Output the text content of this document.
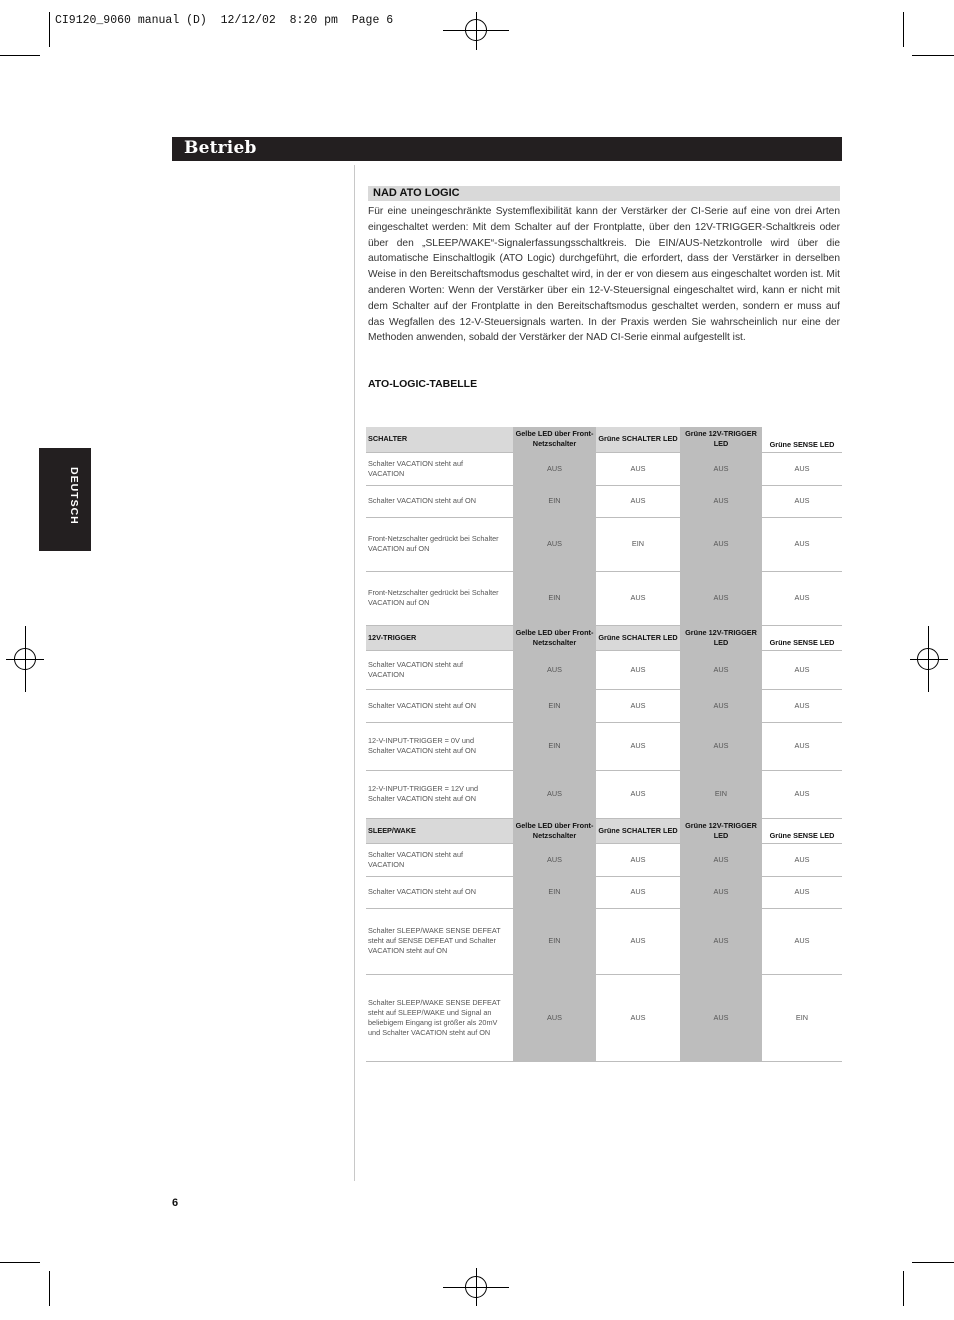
CI9120_9060 manual (D)  12/12/02  8:20 pm  Page 6
Betrieb
DEUTSCH
NAD ATO LOGIC
Für eine uneingeschränkte Systemflexibilität kann der Verstärker der CI-Serie auf eine von drei Arten eingeschaltet werden: Mit dem Schalter auf der Frontplatte, über den 12V-TRIGGER-Schaltkreis oder über den „SLEEP/WAKE“-Signalerfassungsschaltkreis. Die EIN/AUS-Netzkontrolle wird über die automatische Einschaltlogik (ATO Logic) durchgeführt, die erfordert, dass der Verstärker in derselben Weise in den Bereitschaftsmodus geschaltet wird, in der er von diesem aus eingeschaltet worden ist. Mit anderen Worten: Wenn der Verstärker über ein 12-V-Steuersignal eingeschaltet wird, kann er nicht mit dem Schalter auf der Frontplatte in den Bereitschaftsmodus geschaltet werden, sondern er muss auf das Wegfallen des 12-V-Steuersignals warten. In der Praxis werden Sie wahrscheinlich nur eine der Methoden anwenden, sobald der Verstärker der NAD CI-Serie einmal aufgestellt ist.
ATO-LOGIC-TABELLE
SCHALTER	Gelbe LED über Front-Netzschalter	Grüne SCHALTER LED	Grüne 12V-TRIGGER LED	Grüne SENSE LED
Schalter VACATION steht auf VACATION	AUS	AUS	AUS	AUS
Schalter VACATION steht auf ON	EIN	AUS	AUS	AUS
Front-Netzschalter gedrückt bei Schalter VACATION auf ON	AUS	EIN	AUS	AUS
Front-Netzschalter gedrückt bei Schalter VACATION auf ON	EIN	AUS	AUS	AUS
12V-TRIGGER	Gelbe LED über Front-Netzschalter	Grüne SCHALTER LED	Grüne 12V-TRIGGER LED	Grüne SENSE LED
Schalter VACATION steht auf VACATION	AUS	AUS	AUS	AUS
Schalter VACATION steht auf ON	EIN	AUS	AUS	AUS
12-V-INPUT-TRIGGER = 0V und Schalter VACATION steht auf ON	EIN	AUS	AUS	AUS
12-V-INPUT-TRIGGER = 12V und Schalter VACATION steht auf ON	AUS	AUS	EIN	AUS
SLEEP/WAKE	Gelbe LED über Front-Netzschalter	Grüne SCHALTER LED	Grüne 12V-TRIGGER LED	Grüne SENSE LED
Schalter VACATION steht auf VACATION	AUS	AUS	AUS	AUS
Schalter VACATION steht auf ON	EIN	AUS	AUS	AUS
Schalter SLEEP/WAKE SENSE DEFEAT steht auf SENSE DEFEAT und Schalter VACATION steht auf ON	EIN	AUS	AUS	AUS
Schalter SLEEP/WAKE SENSE DEFEAT steht auf SLEEP/WAKE und Signal an beliebigem Eingang ist größer als 20mV und Schalter VACATION steht auf ON	AUS	AUS	AUS	EIN
6
